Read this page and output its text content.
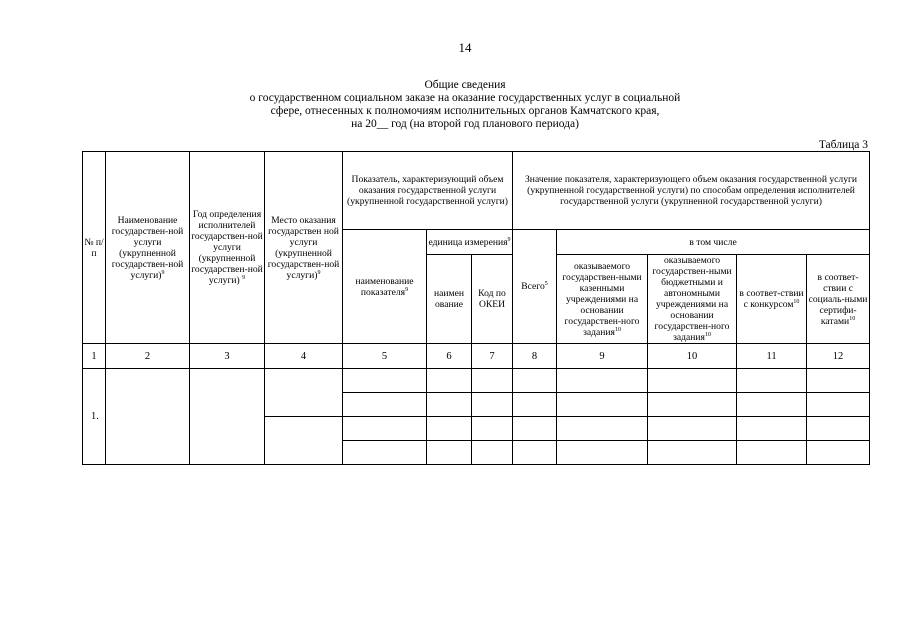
14
Общие сведения
о государственном социальном заказе на оказание государственных услуг в социальной
сфере, отнесенных к полномочиям исполнительных органов Камчатского края,
на 20__ год (на второй год планового периода)
Таблица 3
№ п/п	Наименование государствен-ной услуги (укрупненной государствен-ной услуги)$^9$	Год определения исполнителей государствен-ной услуги (укрупненной государствен-ной услуги) $^9$	Место оказания государствен ной услуги (укрупненной государствен-ной услуги)$^9$	Показатель, характеризующий объем оказания государственной услуги (укрупненной государственной услуги)			Значение показателя, характеризующего объем оказания государственной услуги (укрупненной государственной услуги) по способам определения исполнителей государственной услуги (укрупненной государственной услуги)				
				наименование показателя$^9$	единица измерения$^9$		Всего$^5$	в том числе			
								оказываемого государствен-ными казенными учреждениями на основании государствен-ного задания$^{10}$	оказываемого государствен-ными бюджетными и автономными учреждениями на основании государствен-ного задания$^{10}$	в соответ-ствии с конкурсом$^{10}$	в соответ-ствии с социаль-ными сертифи-катами$^{10}$
					наимен ование	Код по ОКЕИ					
1	2	3	4	5	6	7	8	9	10	11	12
1.											
